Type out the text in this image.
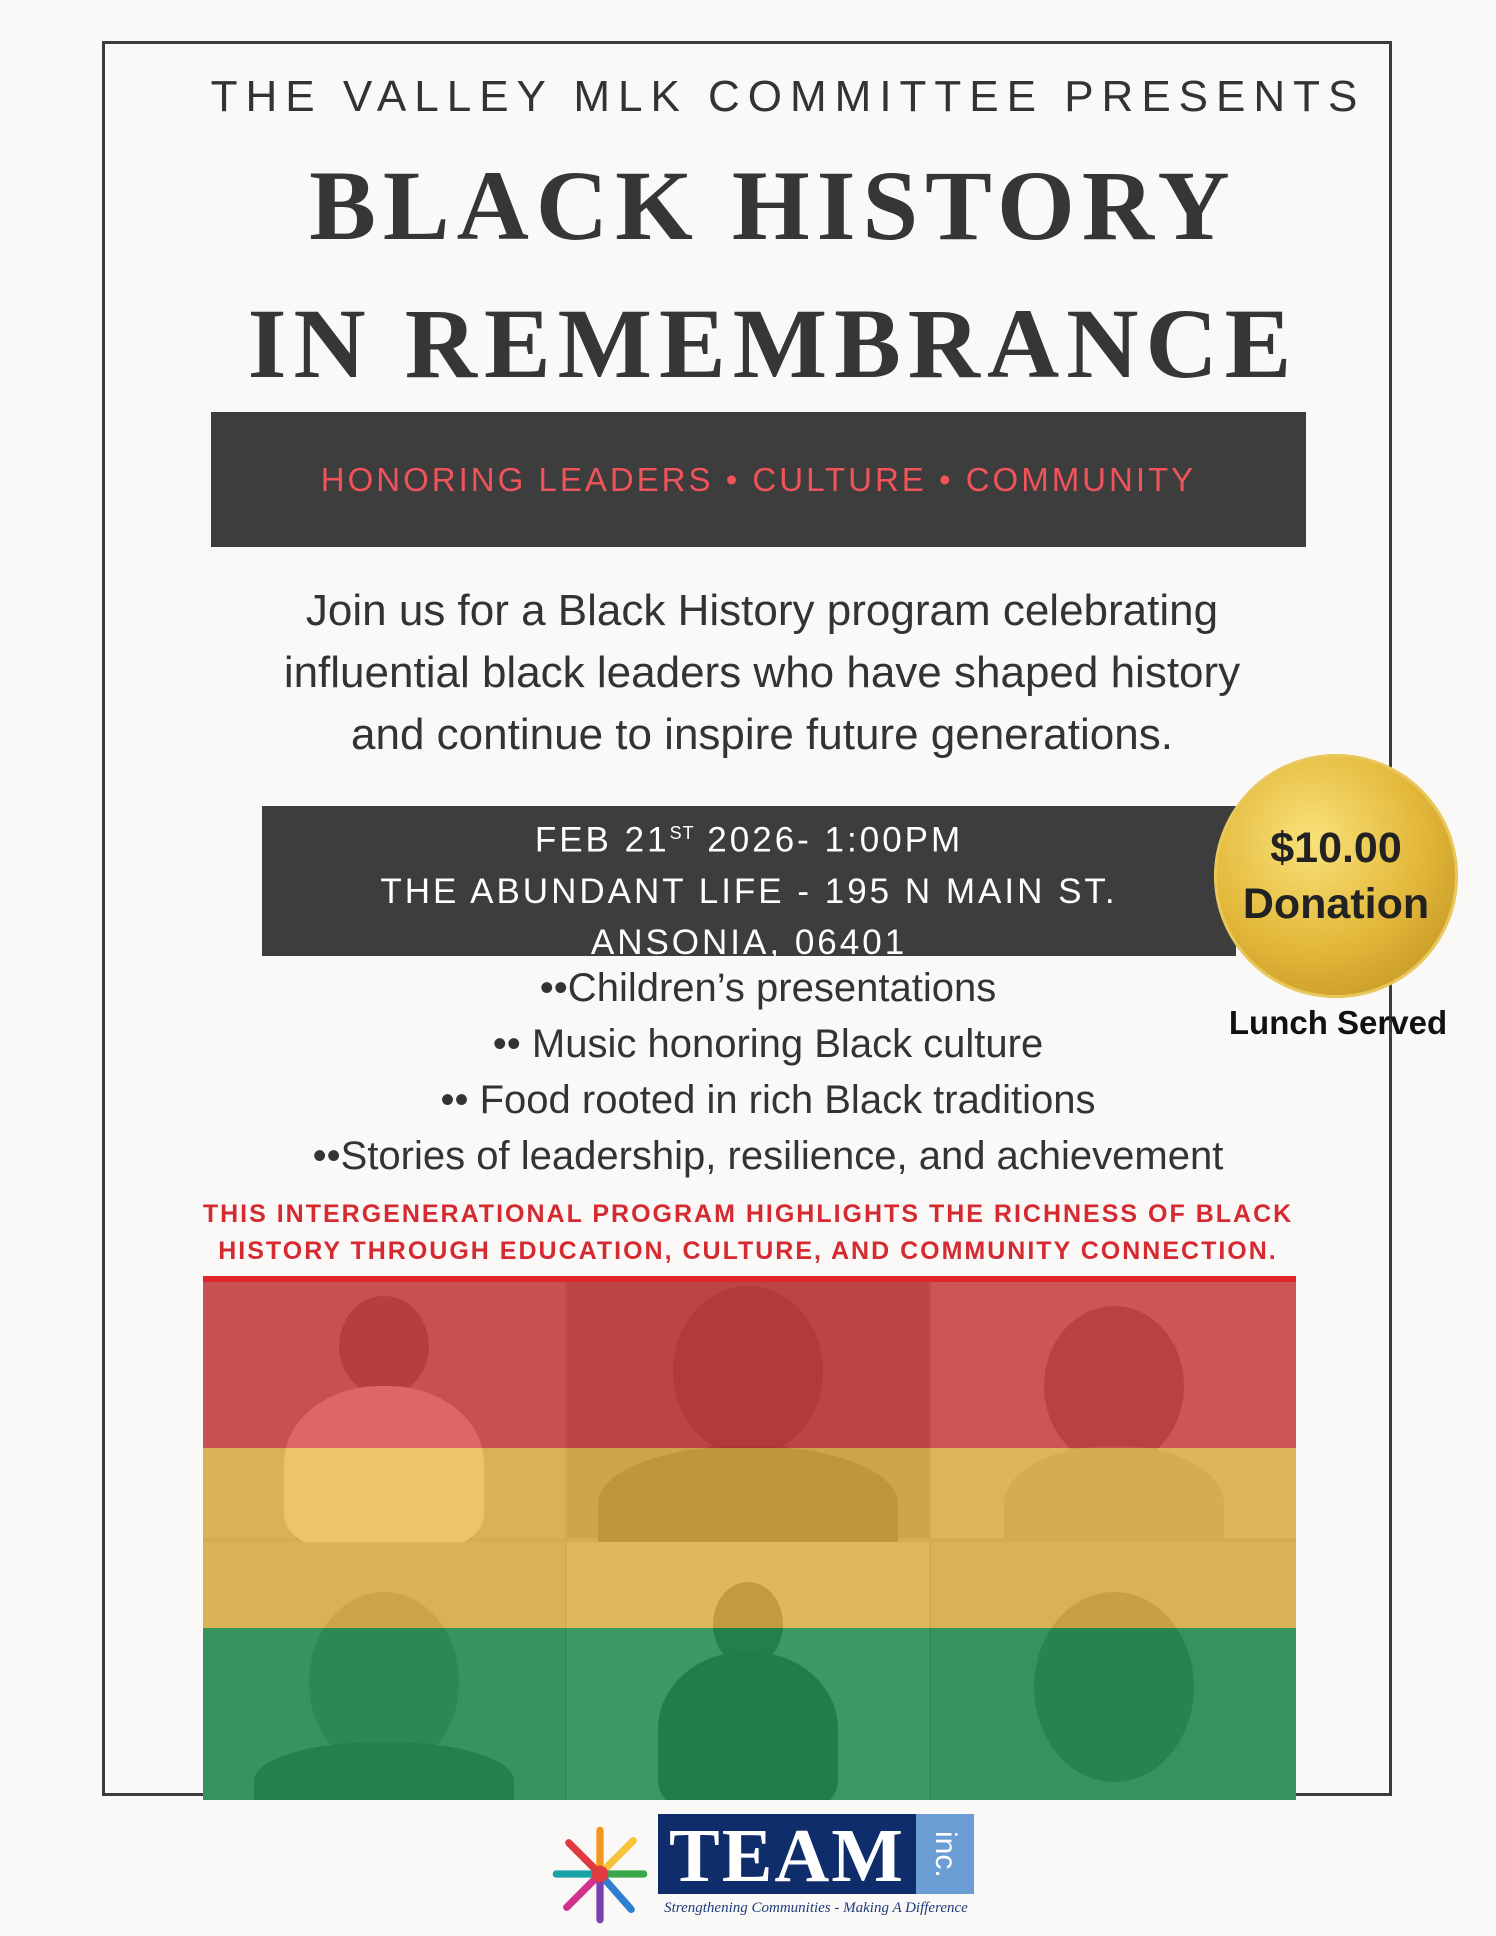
THE VALLEY MLK COMMITTEE PRESENTS
BLACK HISTORY
IN REMEMBRANCE
HONORING LEADERS • CULTURE • COMMUNITY
Join us for a Black History program celebrating
influential black leaders who have shaped history
and continue to inspire future generations.
FEB 21ST 2026- 1:00PM
THE ABUNDANT LIFE - 195 N MAIN ST.
ANSONIA, 06401
$10.00
Donation
Lunch Served
••Children’s presentations
•• Music honoring Black culture
•• Food rooted in rich Black traditions
••Stories of leadership, resilience, and achievement
THIS INTERGENERATIONAL PROGRAM HIGHLIGHTS THE RICHNESS OF BLACK
HISTORY THROUGH EDUCATION, CULTURE, AND COMMUNITY CONNECTION.
TEAM inc.
Strengthening Communities - Making A Difference
